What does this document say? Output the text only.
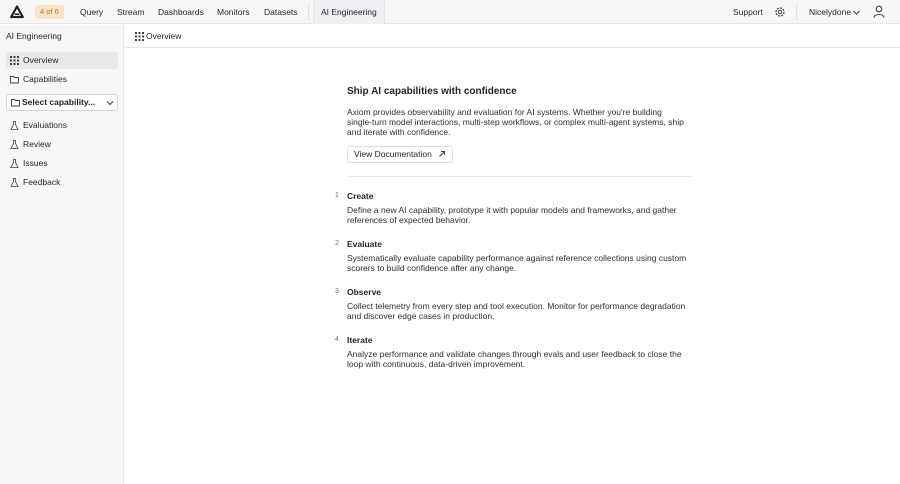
4 of 6	Query Stream Dashboards Monitors Datasets	AI Engineering	Support	Nicelydone
AI Engineering
Overview
Capabilities
Select capability...
Evaluations
Review
Issues
Feedback
Overview
Ship AI capabilities with confidence
Axiom provides observability and evaluation for AI systems. Whether you're building single-turn model interactions, multi-step workflows, or complex multi-agent systems, ship and iterate with confidence.
View Documentation
1 Create
Define a new AI capability, prototype it with popular models and frameworks, and gather references of expected behavior.
2 Evaluate
Systematically evaluate capability performance against reference collections using custom scorers to build confidence after any change.
3 Observe
Collect telemetry from every step and tool execution. Monitor for performance degradation and discover edge cases in production.
4 Iterate
Analyze performance and validate changes through evals and user feedback to close the loop with continuous, data-driven improvement.
